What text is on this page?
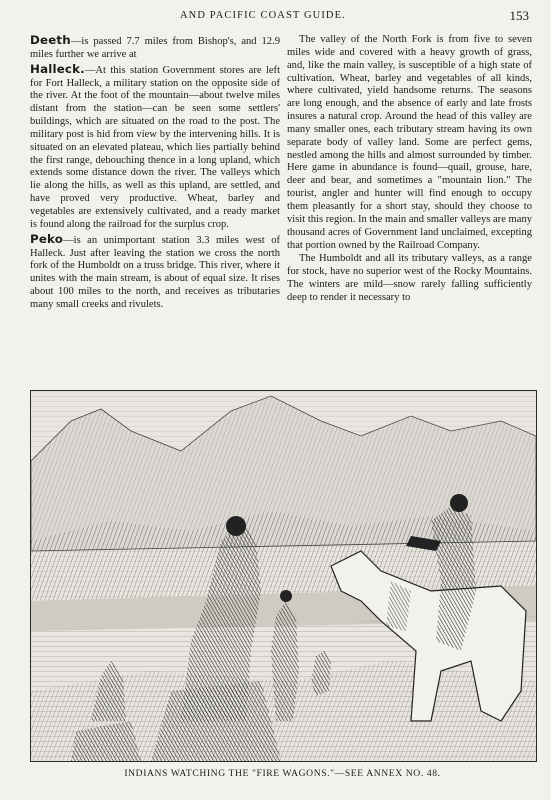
AND PACIFIC COAST GUIDE.	153

Deeth—is passed 7.7 miles from Bishop's, and 12.9 miles further we arrive at

Halleck.—At this station Government stores are left for Fort Halleck, a military station on the opposite side of the river. At the foot of the mountain—about twelve miles distant from the station—can be seen some settlers' buildings, which are situated on the road to the post. The military post is hid from view by the intervening hills. It is situated on an elevated plateau, which lies partially behind the first range, debouching thence in a long upland, which extends some distance down the river. The valleys which lie along the hills, as well as this upland, are settled, and have proved very productive. Wheat, barley and vegetables are extensively cultivated, and a ready market is found along the railroad for the surplus crop.

Peko—is an unimportant station 3.3 miles west of Halleck. Just after leaving the station we cross the north fork of the Humboldt on a truss bridge. This river, where it unites with the main stream, is about of equal size. It rises about 100 miles to the north, and receives as tributaries many small creeks and rivulets.

The valley of the North Fork is from five to seven miles wide and covered with a heavy growth of grass, and, like the main valley, is susceptible of a high state of cultivation. Wheat, barley and vegetables of all kinds, where cultivated, yield handsome returns. The seasons are long enough, and the absence of early and late frosts insures a natural crop. Around the head of this valley are many smaller ones, each tributary stream having its own separate body of valley land. Some are perfect gems, nestled among the hills and almost surrounded by timber. Here game in abundance is found—quail, grouse, hare, deer and bear, and sometimes a "mountain lion." The tourist, angler and hunter will find enough to occupy them pleasantly for a short stay, should they choose to visit this region. In the main and smaller valleys are many thousand acres of Government land unclaimed, excepting that portion owned by the Railroad Company.

The Humboldt and all its tributary valleys, as a range for stock, have no superior west of the Rocky Mountains. The winters are mild—snow rarely falling sufficiently deep to render it necessary to

INDIANS WATCHING THE "FIRE WAGONS."—SEE ANNEX NO. 48.
